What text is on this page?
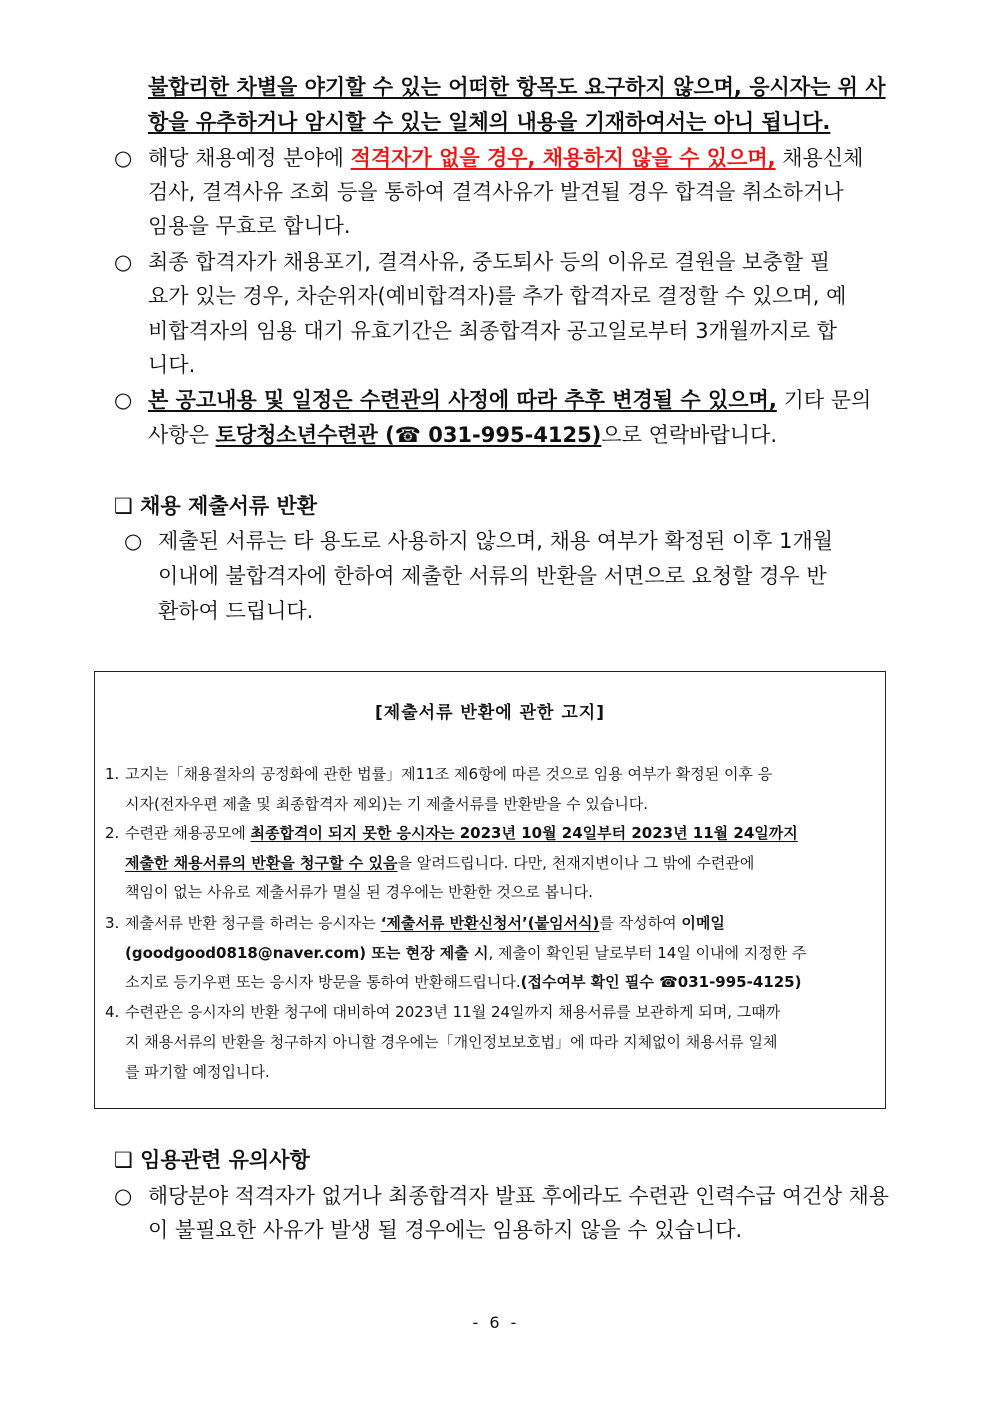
불합리한 차별을 야기할 수 있는 어떠한 항목도 요구하지 않으며, 응시자는 위 사
항을 유추하거나 암시할 수 있는 일체의 내용을 기재하여서는 아니 됩니다.
○ 해당 채용예정 분야에 적격자가 없을 경우, 채용하지 않을 수 있으며, 채용신체
검사, 결격사유 조회 등을 통하여 결격사유가 발견될 경우 합격을 취소하거나
임용을 무효로 합니다.
○ 최종 합격자가 채용포기, 결격사유, 중도퇴사 등의 이유로 결원을 보충할 필
요가 있는 경우, 차순위자(예비합격자)를 추가 합격자로 결정할 수 있으며, 예
비합격자의 임용 대기 유효기간은 최종합격자 공고일로부터 3개월까지로 합
니다.
○ 본 공고내용 및 일정은 수련관의 사정에 따라 추후 변경될 수 있으며, 기타 문의
사항은 토당청소년수련관 (☎ 031-995-4125)으로 연락바랍니다.
❑ 채용 제출서류 반환
○ 제출된 서류는 타 용도로 사용하지 않으며, 채용 여부가 확정된 이후 1개월
이내에 불합격자에 한하여 제출한 서류의 반환을 서면으로 요청할 경우 반
환하여 드립니다.
[제출서류 반환에 관한 고지]
1. 고지는「채용절차의 공정화에 관한 법률」제11조 제6항에 따른 것으로 임용 여부가 확정된 이후 응
시자(전자우편 제출 및 최종합격자 제외)는 기 제출서류를 반환받을 수 있습니다.
2. 수련관 채용공모에 최종합격이 되지 못한 응시자는 2023년 10월 24일부터 2023년 11월 24일까지
제출한 채용서류의 반환을 청구할 수 있음을 알려드립니다. 다만, 천재지변이나 그 밖에 수련관에
책임이 없는 사유로 제출서류가 멸실 된 경우에는 반환한 것으로 봅니다.
3. 제출서류 반환 청구를 하려는 응시자는 ‘제출서류 반환신청서’(붙임서식)를 작성하여 이메일
(goodgood0818@naver.com) 또는 현장 제출 시, 제출이 확인된 날로부터 14일 이내에 지정한 주
소지로 등기우편 또는 응시자 방문을 통하여 반환해드립니다.(접수여부 확인 필수 ☎031-995-4125)
4. 수련관은 응시자의 반환 청구에 대비하여 2023년 11월 24일까지 채용서류를 보관하게 되며, 그때까
지 채용서류의 반환을 청구하지 아니할 경우에는「개인정보보호법」에 따라 지체없이 채용서류 일체
를 파기할 예정입니다.
❑ 임용관련 유의사항
○ 해당분야 적격자가 없거나 최종합격자 발표 후에라도 수련관 인력수급 여건상 채용
이 불필요한 사유가 발생 될 경우에는 임용하지 않을 수 있습니다.
- 6 -
